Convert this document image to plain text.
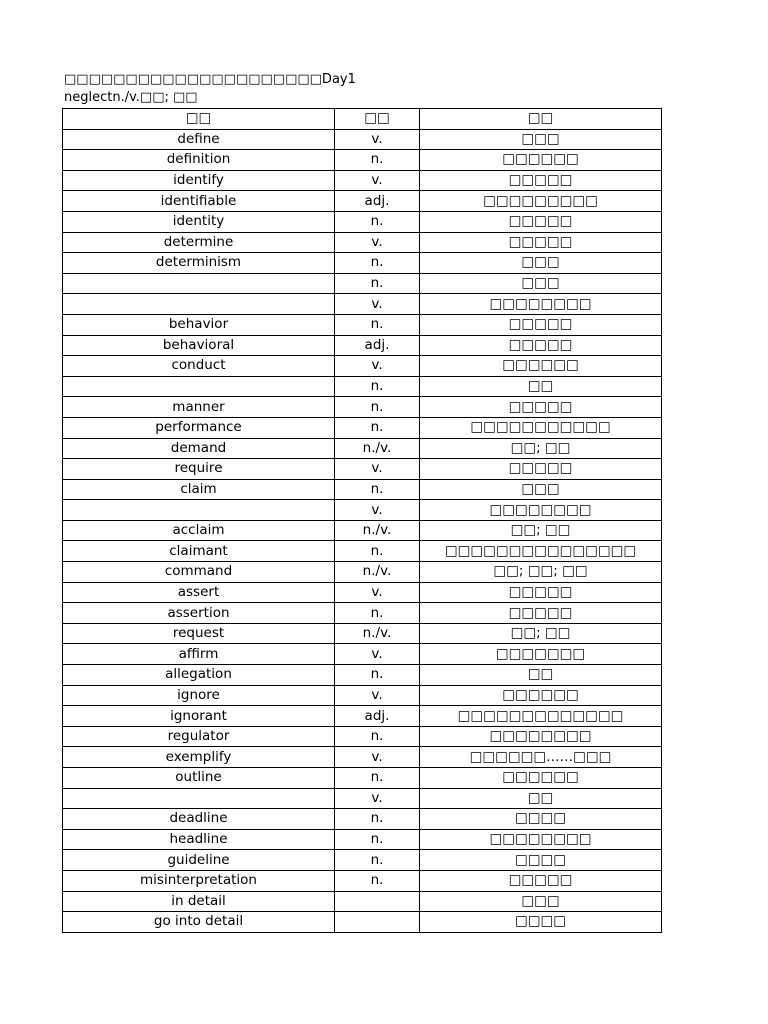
□□□□□□□□□□□□□□□□□□□□□Day1
neglectn./v.□□; □□
□□	□□	□□
define	v.	□□□
definition	n.	□□□□□□
identify	v.	□□□□□
identifiable	adj.	□□□□□□□□□
identity	n.	□□□□□
determine	v.	□□□□□
determinism	n.	□□□
	n.	□□□
	v.	□□□□□□□□
behavior	n.	□□□□□
behavioral	adj.	□□□□□
conduct	v.	□□□□□□
	n.	□□
manner	n.	□□□□□
performance	n.	□□□□□□□□□□□
demand	n./v.	□□; □□
require	v.	□□□□□
claim	n.	□□□
	v.	□□□□□□□□
acclaim	n./v.	□□; □□
claimant	n.	□□□□□□□□□□□□□□□
command	n./v.	□□; □□; □□
assert	v.	□□□□□
assertion	n.	□□□□□
request	n./v.	□□; □□
affirm	v.	□□□□□□□
allegation	n.	□□
ignore	v.	□□□□□□
ignorant	adj.	□□□□□□□□□□□□□
regulator	n.	□□□□□□□□
exemplify	v.	□□□□□□……□□□
outline	n.	□□□□□□
	v.	□□
deadline	n.	□□□□
headline	n.	□□□□□□□□
guideline	n.	□□□□
misinterpretation	n.	□□□□□
in detail		□□□
go into detail		□□□□
